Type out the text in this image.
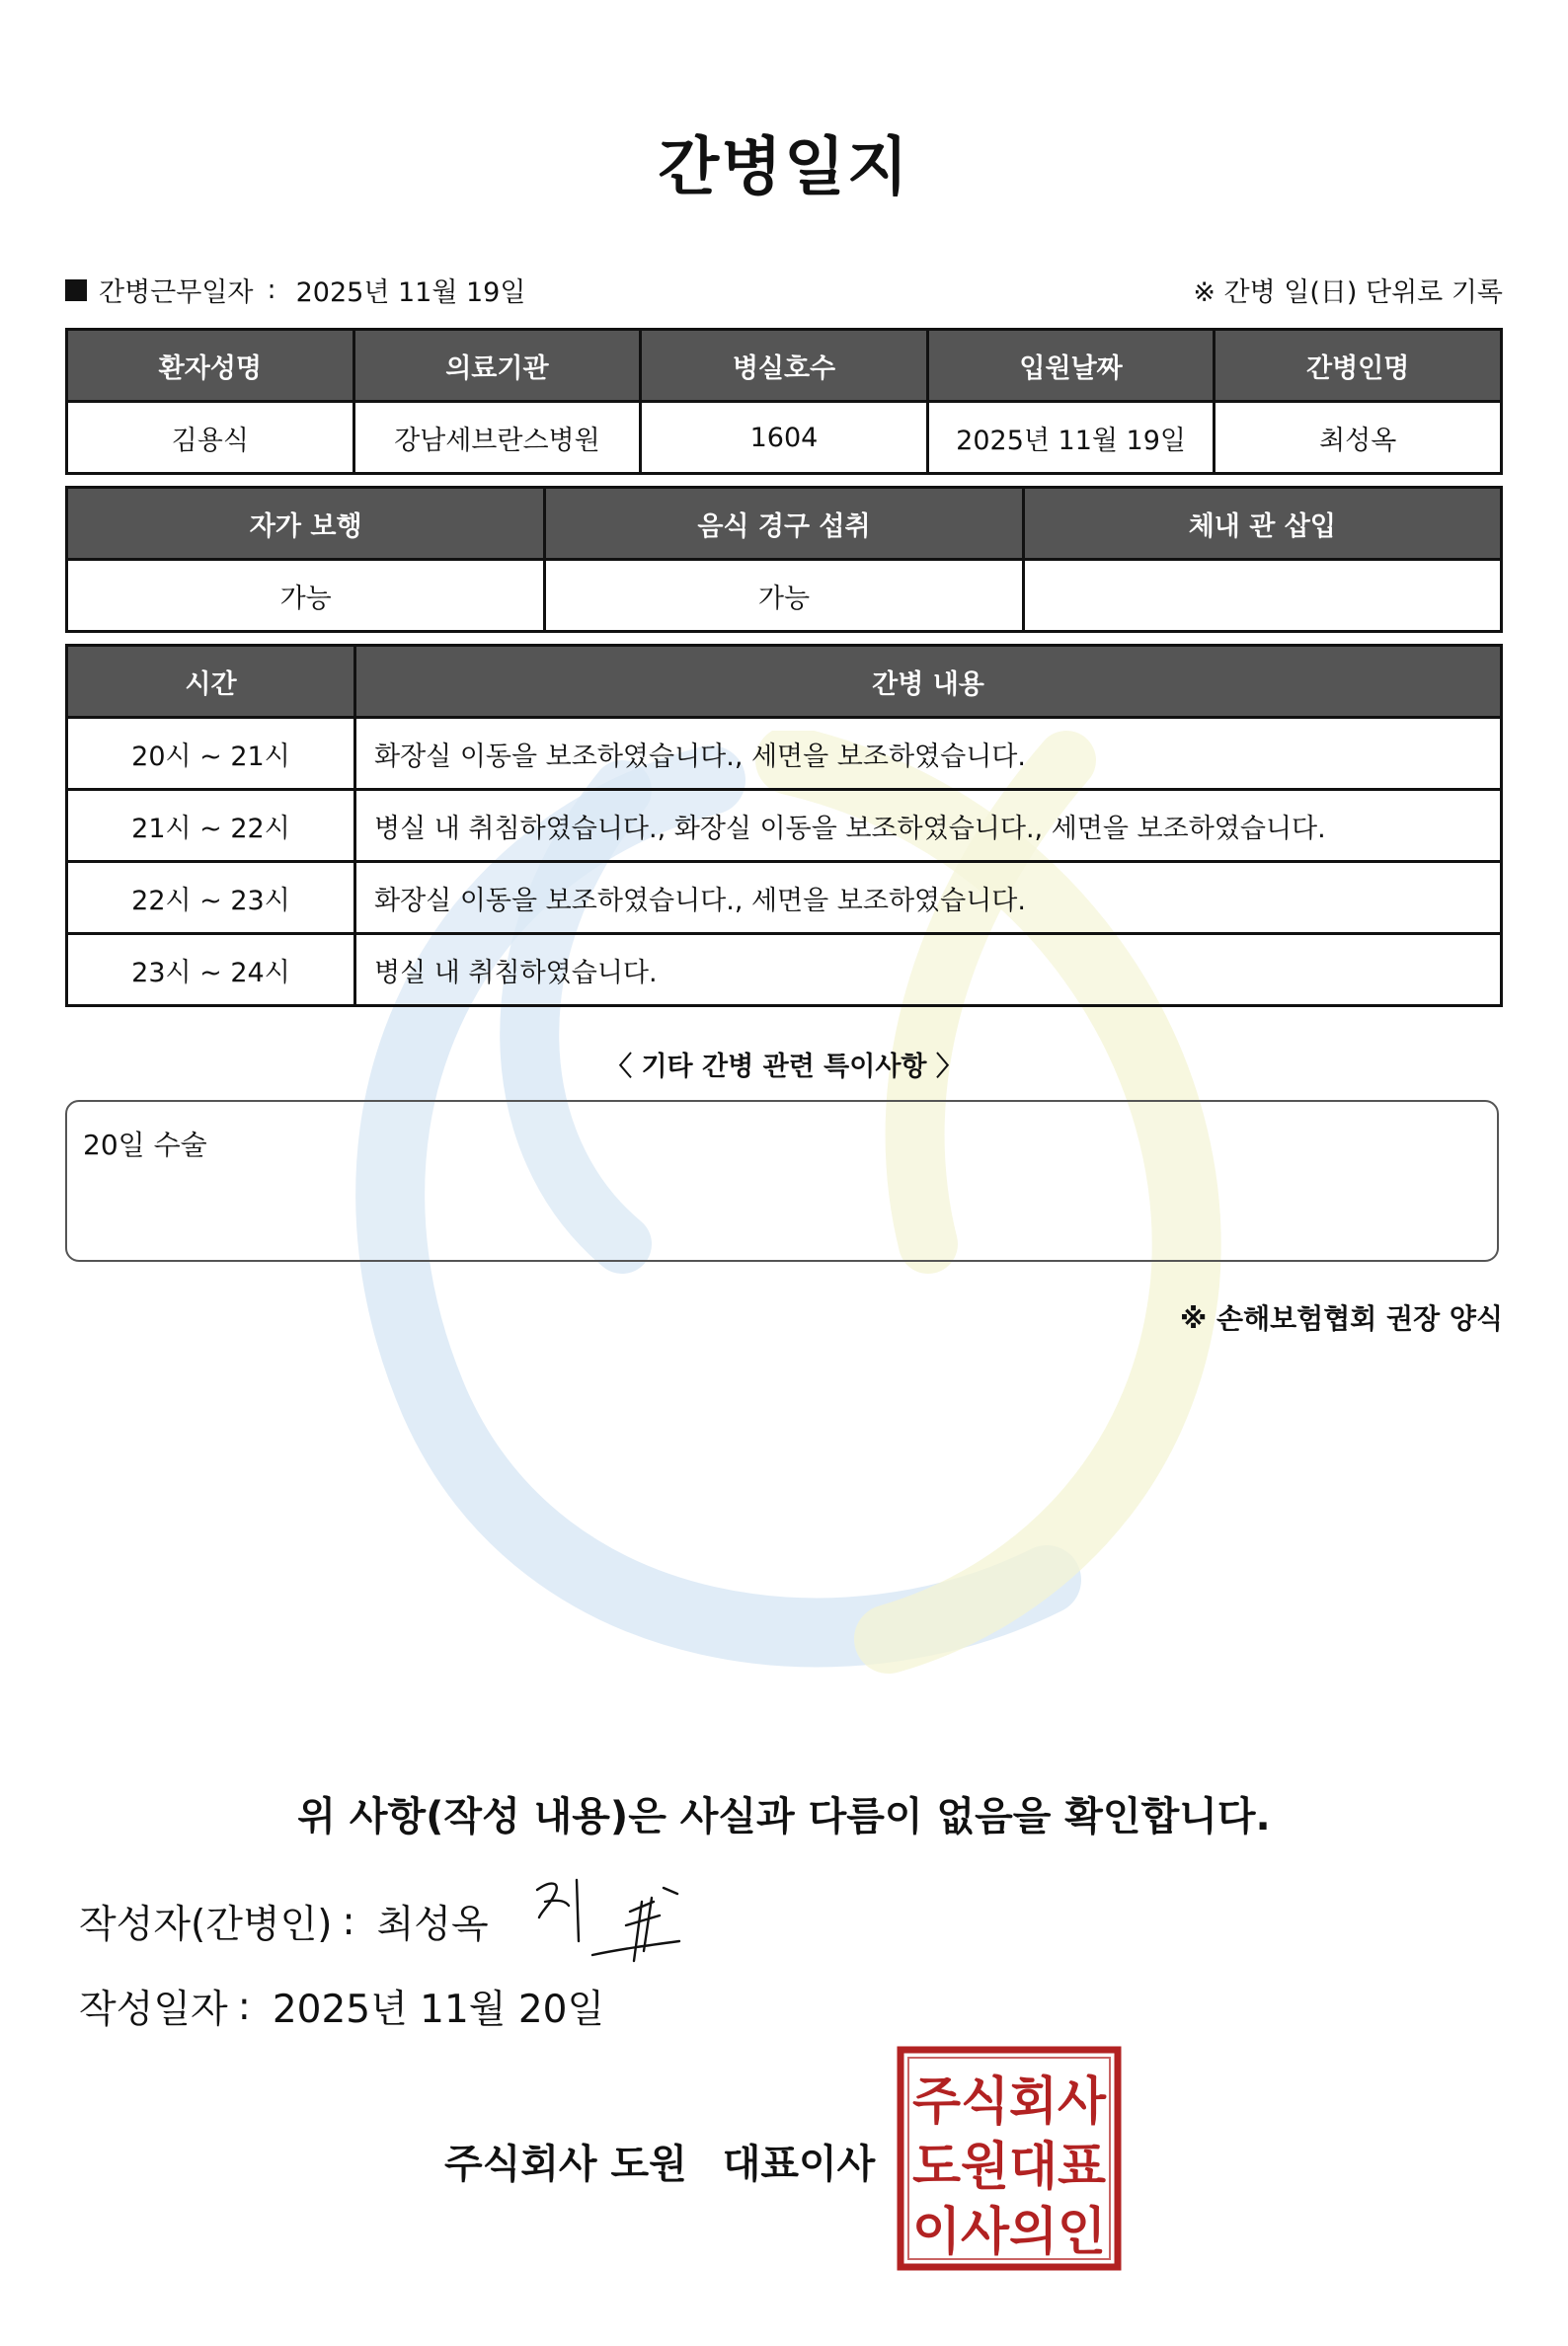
간병일지
간병근무일자 : 2025년 11월 19일	※ 간병 일(日) 단위로 기록
환자성명	의료기관	병실호수	입원날짜	간병인명
김용식	강남세브란스병원	1604	2025년 11월 19일	최성옥
자가 보행	음식 경구 섭취	체내 관 삽입
가능	가능	
시간	간병 내용
20시 ~ 21시	화장실 이동을 보조하였습니다., 세면을 보조하였습니다.
21시 ~ 22시	병실 내 취침하였습니다., 화장실 이동을 보조하였습니다., 세면을 보조하였습니다.
22시 ~ 23시	화장실 이동을 보조하였습니다., 세면을 보조하였습니다.
23시 ~ 24시	병실 내 취침하였습니다.
〈 기타 간병 관련 특이사항 〉
20일 수술
※ 손해보험협회 권장 양식
위 사항(작성 내용)은 사실과 다름이 없음을 확인합니다.
작성자(간병인) : 최성옥
작성일자 : 2025년 11월 20일
주식회사 도원 대표이사
주식회사
도원대표
이사의인
